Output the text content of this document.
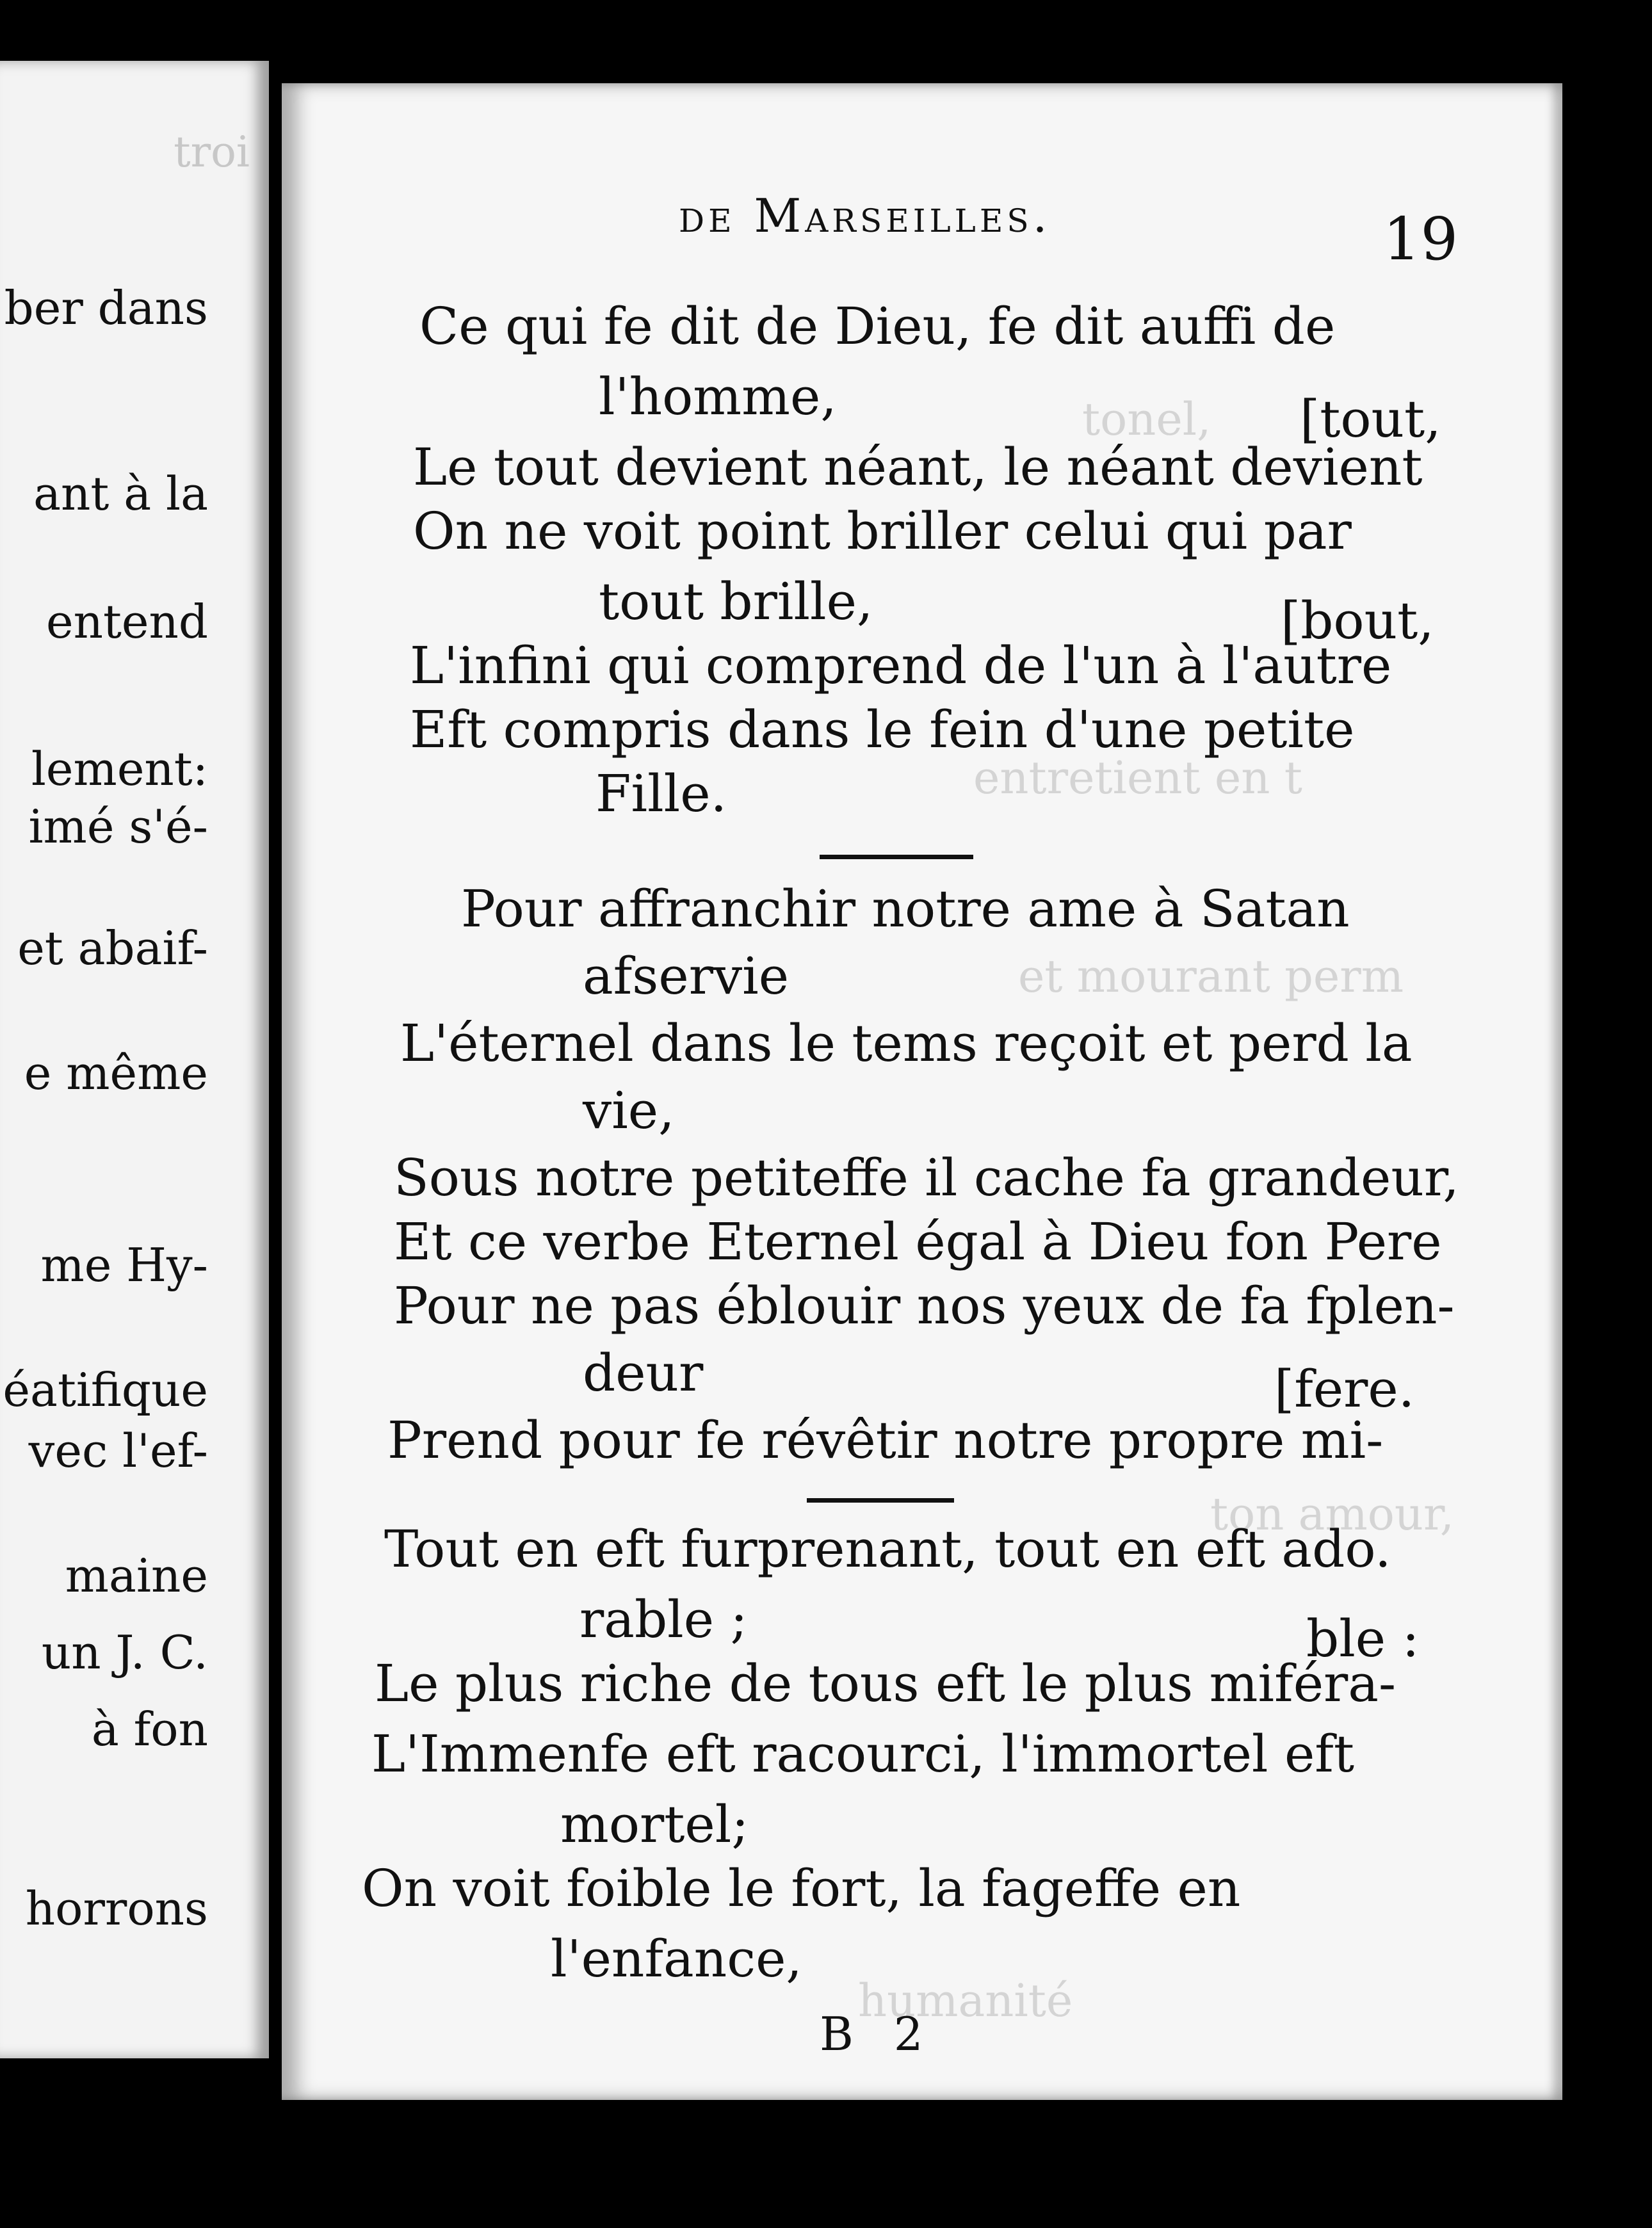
troi
ber dans
ant à la
entend
lement:
imé s'é-
et abaif-
e même
me Hy-
éatifique
vec l'ef-
maine
un J. C.
à fon
horrons
tonel,
entretient en t
et mourant perm
ton amour,
humanité
de Marseilles.	19
Ce qui fe dit de Dieu, fe dit auffi de
l'homme,	[tout,
Le tout devient néant, le néant devient
On ne voit point briller celui qui par
tout brille,	[bout,
L'infini qui comprend de l'un à l'autre
Eft compris dans le fein d'une petite
Fille.
Pour affranchir notre ame à Satan
afservie
L'éternel dans le tems reçoit et perd la
vie,
Sous notre petiteffe il cache fa grandeur,
Et ce verbe Eternel égal à Dieu fon Pere
Pour ne pas éblouir nos yeux de fa fplen-
deur	[fere.
Prend pour fe révêtir notre propre mi-
Tout en eft furprenant, tout en eft ado.
rable ;	ble :
Le plus riche de tous eft le plus miféra-
L'Immenfe eft racourci, l'immortel eft
mortel;
On voit foible le fort, la fageffe en
l'enfance,
B 2
